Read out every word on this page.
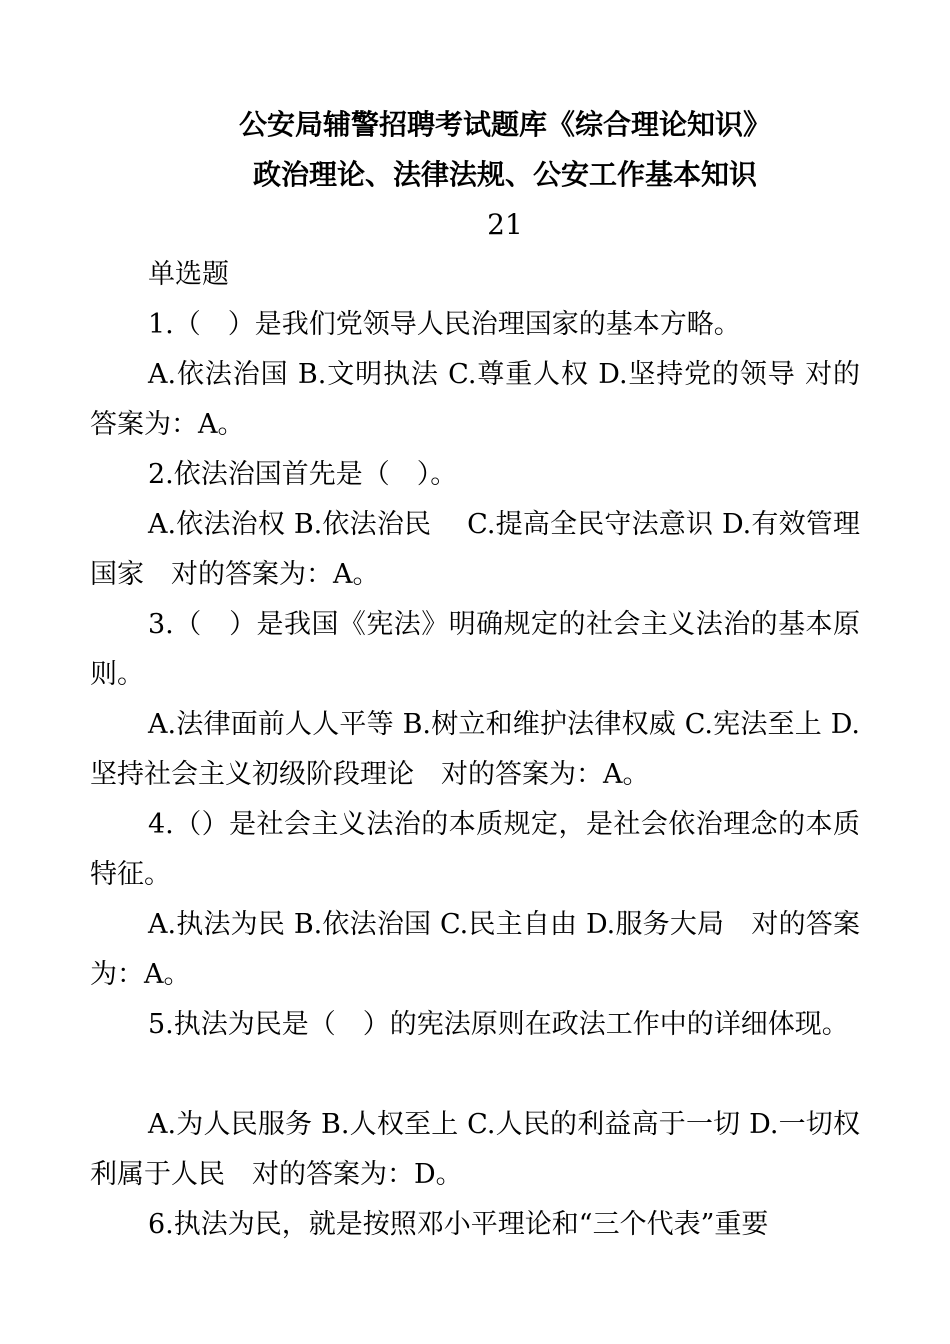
公安局辅警招聘考试题库《综合理论知识》
政治理论、法律法规、公安工作基本知识
21
单选题
1.（　）是我们党领导人民治理国家的基本方略。
A.依法治国 B.文明执法 C.尊重人权 D.坚持党的领导 对的答案为：A。
2.依法治国首先是（　）。
A.依法治权 B.依法治民　 C.提高全民守法意识 D.有效管理国家　对的答案为：A。
3.（　）是我国《宪法》明确规定的社会主义法治的基本原则。
A.法律面前人人平等 B.树立和维护法律权威 C.宪法至上 D.坚持社会主义初级阶段理论　对的答案为：A。
4.（）是社会主义法治的本质规定，是社会依治理念的本质特征。
A.执法为民 B.依法治国 C.民主自由 D.服务大局　对的答案为：A。
5.执法为民是（　）的宪法原则在政法工作中的详细体现。
A.为人民服务 B.人权至上 C.人民的利益高于一切 D.一切权利属于人民　对的答案为：D。
6.执法为民，就是按照邓小平理论和“三个代表”重要
